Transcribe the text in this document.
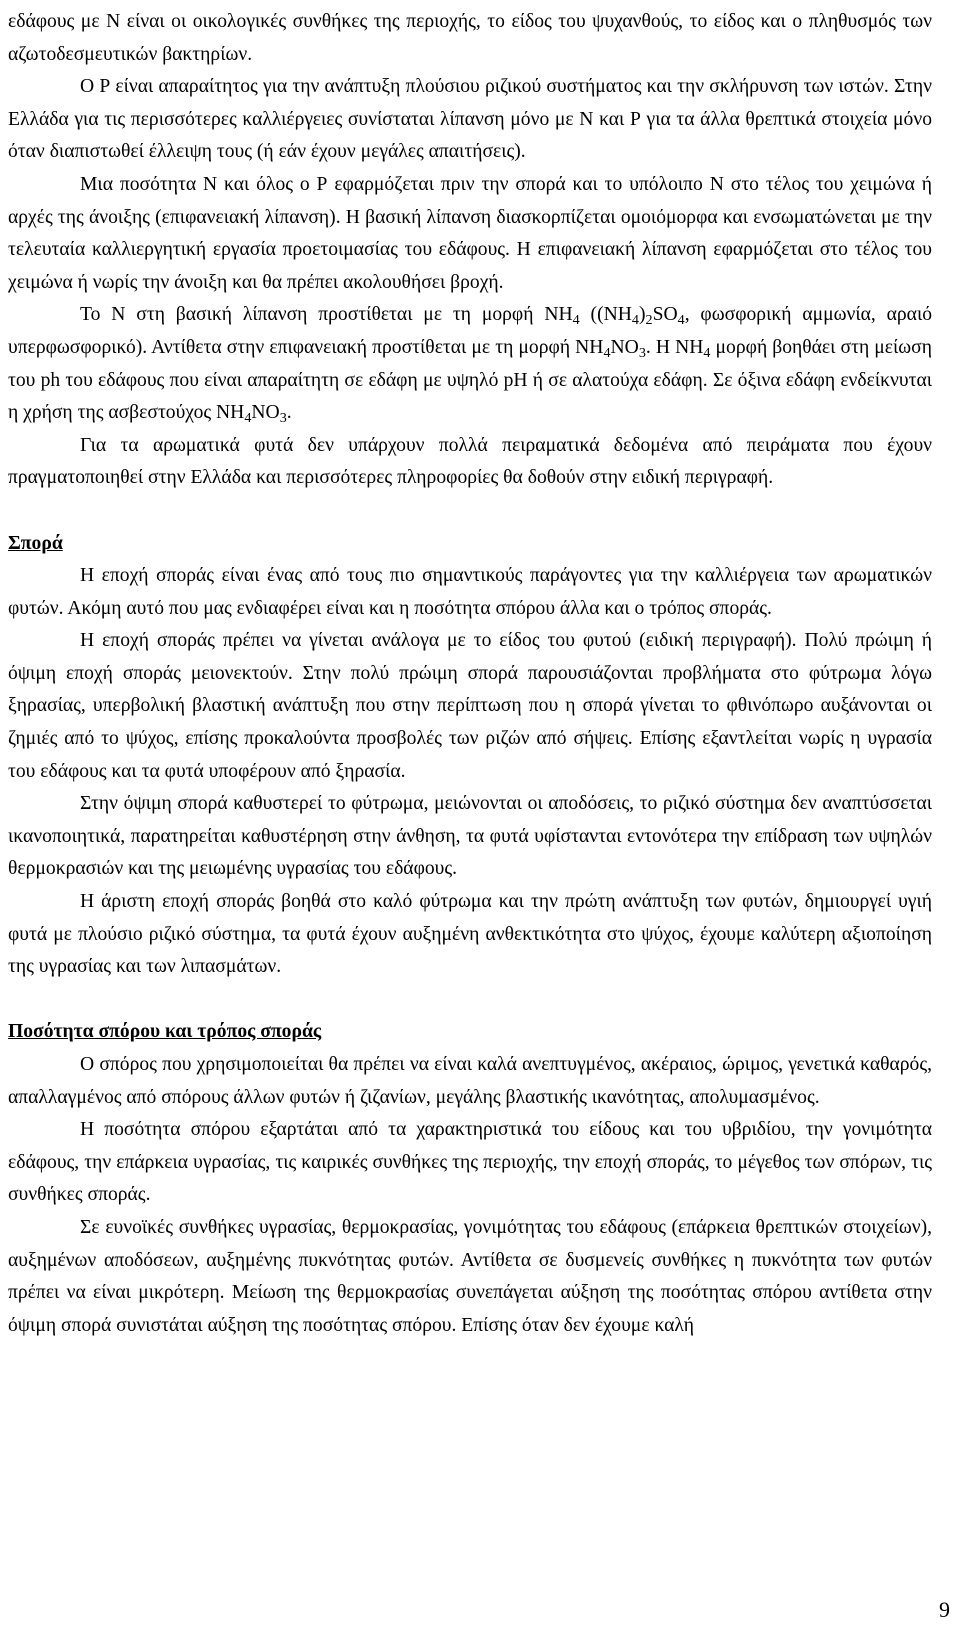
εδάφους με Ν είναι οι οικολογικές συνθήκες της περιοχής, το είδος του ψυχανθούς, το είδος και ο πληθυσμός των αζωτοδεσμευτικών βακτηρίων.

Ο Ρ είναι απαραίτητος για την ανάπτυξη πλούσιου ριζικού συστήματος και την σκλήρυνση των ιστών. Στην Ελλάδα για τις περισσότερες καλλιέργειες συνίσταται λίπανση μόνο με Ν και Ρ για τα άλλα θρεπτικά στοιχεία μόνο όταν διαπιστωθεί έλλειψη τους (ή εάν έχουν μεγάλες απαιτήσεις).

Μια ποσότητα Ν και όλος ο Ρ εφαρμόζεται πριν την σπορά και το υπόλοιπο Ν στο τέλος του χειμώνα ή αρχές της άνοιξης (επιφανειακή λίπανση). Η βασική λίπανση διασκορπίζεται ομοιόμορφα και ενσωματώνεται με την τελευταία καλλιεργητική εργασία προετοιμασίας του εδάφους. Η επιφανειακή λίπανση εφαρμόζεται στο τέλος του χειμώνα ή νωρίς την άνοιξη και θα πρέπει ακολουθήσει βροχή.

Το Ν στη βασική λίπανση προστίθεται με τη μορφή $NH_4$ ($(NH_4)_2SO_4$, φωσφορική αμμωνία, αραιό υπερφωσφορικό). Αντίθετα στην επιφανειακή προστίθεται με τη μορφή $NH_4NO_3$. Η $NH_4$ μορφή βοηθάει στη μείωση του ph του εδάφους που είναι απαραίτητη σε εδάφη με υψηλό pH ή σε αλατούχα εδάφη. Σε όξινα εδάφη ενδείκνυται η χρήση της ασβεστούχος $NH_4NO_3$.

Για τα αρωματικά φυτά δεν υπάρχουν πολλά πειραματικά δεδομένα από πειράματα που έχουν πραγματοποιηθεί στην Ελλάδα και περισσότερες πληροφορίες θα δοθούν στην ειδική περιγραφή.

Σπορά

Η εποχή σποράς είναι ένας από τους πιο σημαντικούς παράγοντες για την καλλιέργεια των αρωματικών φυτών. Ακόμη αυτό που μας ενδιαφέρει είναι και η ποσότητα σπόρου άλλα και ο τρόπος σποράς.

Η εποχή σποράς πρέπει να γίνεται ανάλογα με το είδος του φυτού (ειδική περιγραφή). Πολύ πρώιμη ή όψιμη εποχή σποράς μειονεκτούν. Στην πολύ πρώιμη σπορά παρουσιάζονται προβλήματα στο φύτρωμα λόγω ξηρασίας, υπερβολική βλαστική ανάπτυξη που στην περίπτωση που η σπορά γίνεται το φθινόπωρο αυξάνονται οι ζημιές από το ψύχος, επίσης προκαλούντα προσβολές των ριζών από σήψεις. Επίσης εξαντλείται νωρίς η υγρασία του εδάφους και τα φυτά υποφέρουν από ξηρασία.

Στην όψιμη σπορά καθυστερεί το φύτρωμα, μειώνονται οι αποδόσεις, το ριζικό σύστημα δεν αναπτύσσεται ικανοποιητικά, παρατηρείται καθυστέρηση στην άνθηση, τα φυτά υφίστανται εντονότερα την επίδραση των υψηλών θερμοκρασιών και της μειωμένης υγρασίας του εδάφους.

Η άριστη εποχή σποράς βοηθά στο καλό φύτρωμα και την πρώτη ανάπτυξη των φυτών, δημιουργεί υγιή φυτά με πλούσιο ριζικό σύστημα, τα φυτά έχουν αυξημένη ανθεκτικότητα στο ψύχος, έχουμε καλύτερη αξιοποίηση της υγρασίας και των λιπασμάτων.

Ποσότητα σπόρου και τρόπος σποράς

Ο σπόρος που χρησιμοποιείται θα πρέπει να είναι καλά ανεπτυγμένος, ακέραιος, ώριμος, γενετικά καθαρός, απαλλαγμένος από σπόρους άλλων φυτών ή ζιζανίων, μεγάλης βλαστικής ικανότητας, απολυμασμένος.

Η ποσότητα σπόρου εξαρτάται από τα χαρακτηριστικά του είδους και του υβριδίου, την γονιμότητα εδάφους, την επάρκεια υγρασίας, τις καιρικές συνθήκες της περιοχής, την εποχή σποράς, το μέγεθος των σπόρων, τις συνθήκες σποράς.

Σε ευνοϊκές συνθήκες υγρασίας, θερμοκρασίας, γονιμότητας του εδάφους (επάρκεια θρεπτικών στοιχείων), αυξημένων αποδόσεων, αυξημένης πυκνότητας φυτών. Αντίθετα σε δυσμενείς συνθήκες η πυκνότητα των φυτών πρέπει να είναι μικρότερη. Μείωση της θερμοκρασίας συνεπάγεται αύξηση της ποσότητας σπόρου αντίθετα στην όψιμη σπορά συνιστάται αύξηση της ποσότητας σπόρου. Επίσης όταν δεν έχουμε καλή

9
